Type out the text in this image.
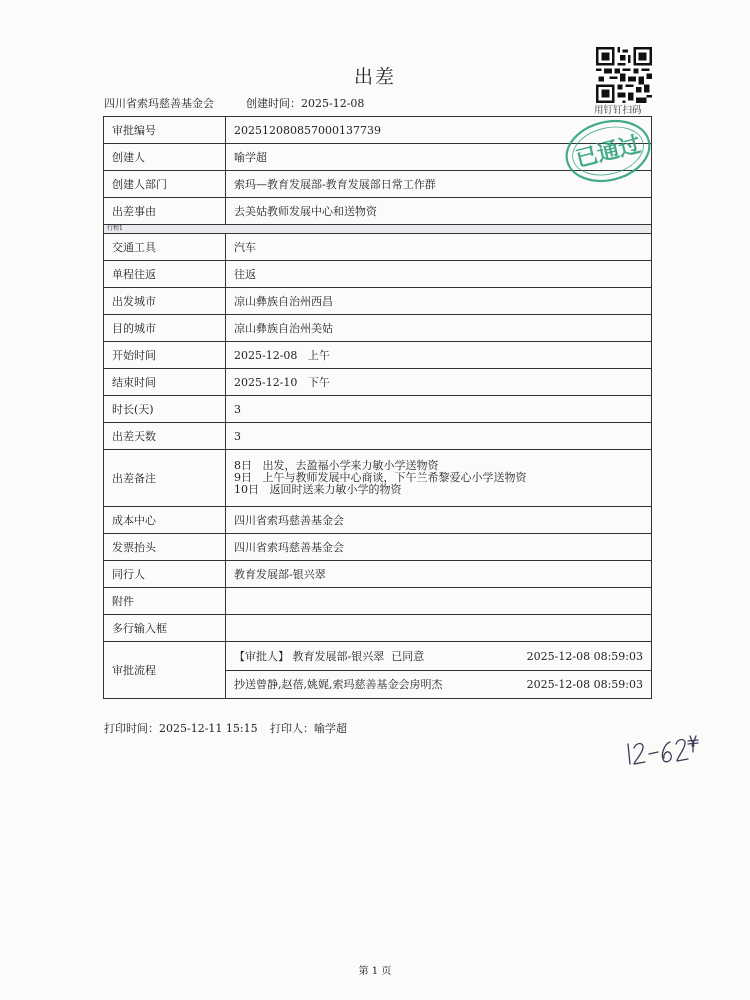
出差
四川省索玛慈善基金会	创建时间：2025-12-08
用钉钉扫码
审批编号	202512080857000137739
创建人	喻学超
创建人部门	索玛—教育发展部-教育发展部日常工作群
出差事由	去美姑教师发展中心和送物资
行程1	
交通工具	汽车
单程往返	往返
出发城市	凉山彝族自治州西昌
目的城市	凉山彝族自治州美姑
开始时间	2025-12-08   上午
结束时间	2025-12-10   下午
时长(天)	3
出差天数	3
出差备注	8日   出发，去盈福小学来力敏小学送物资
9日   上午与教师发展中心商谈，下午兰希黎爱心小学送物资
10日   返回时送来力敏小学的物资

成本中心	四川省索玛慈善基金会
发票抬头	四川省索玛慈善基金会
同行人	教育发展部-银兴翠
附件	
多行输入框	
审批流程	【审批人】 教育发展部-银兴翠  已同意 2025-12-08 08:59:03
抄送曾静,赵蓓,姚娓,索玛慈善基金会房明杰 2025-12-08 08:59:03
已通过
打印时间：2025-12-11 15:15 打印人：喻学超
第 1 页
